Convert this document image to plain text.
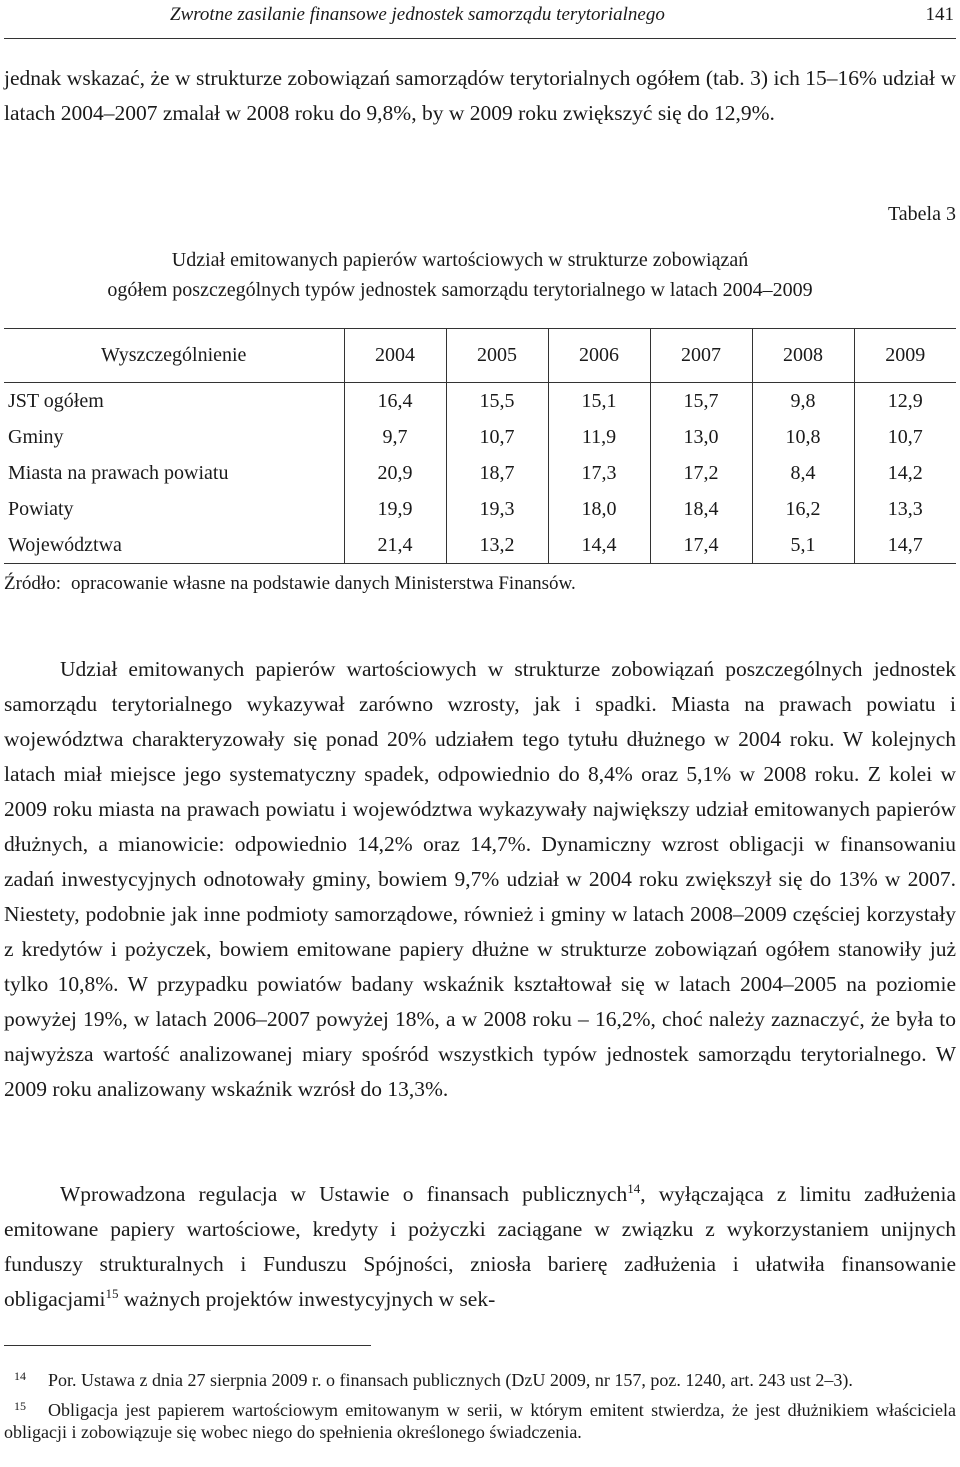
Zwrotne zasilanie finansowe jednostek samorządu terytorialnego	141

jednak wskazać, że w strukturze zobowiązań samorządów terytorialnych ogółem (tab. 3) ich 15–16% udział w latach 2004–2007 zmalał w 2008 roku do 9,8%, by w 2009 roku zwiększyć się do 12,9%.

Tabela 3
Udział emitowanych papierów wartościowych w strukturze zobowiązań
ogółem poszczególnych typów jednostek samorządu terytorialnego w latach 2004–2009
Wyszczególnienie	2004	2005	2006	2007	2008	2009
JST ogółem	16,4	15,5	15,1	15,7	9,8	12,9
Gminy	9,7	10,7	11,9	13,0	10,8	10,7
Miasta na prawach powiatu	20,9	18,7	17,3	17,2	8,4	14,2
Powiaty	19,9	19,3	18,0	18,4	16,2	13,3
Województwa	21,4	13,2	14,4	17,4	5,1	14,7
Źródło: opracowanie własne na podstawie danych Ministerstwa Finansów.

Udział emitowanych papierów wartościowych w strukturze zobowiązań poszczególnych jednostek samorządu terytorialnego wykazywał zarówno wzrosty, jak i spadki. Miasta na prawach powiatu i województwa charakteryzowały się ponad 20% udziałem tego tytułu dłużnego w 2004 roku. W kolejnych latach miał miejsce jego systematyczny spadek, odpowiednio do 8,4% oraz 5,1% w 2008 roku. Z kolei w 2009 roku miasta na prawach powiatu i województwa wykazywały największy udział emitowanych papierów dłużnych, a mianowicie: odpowiednio 14,2% oraz 14,7%. Dynamiczny wzrost obligacji w finansowaniu zadań inwestycyjnych odnotowały gminy, bowiem 9,7% udział w 2004 roku zwiększył się do 13% w 2007. Niestety, podobnie jak inne podmioty samorządowe, również i gminy w latach 2008–2009 częściej korzystały z kredytów i pożyczek, bowiem emitowane papiery dłużne w strukturze zobowiązań ogółem stanowiły już tylko 10,8%. W przypadku powiatów badany wskaźnik kształtował się w latach 2004–2005 na poziomie powyżej 19%, w latach 2006–2007 powyżej 18%, a w 2008 roku – 16,2%, choć należy zaznaczyć, że była to najwyższa wartość analizowanej miary spośród wszystkich typów jednostek samorządu terytorialnego. W 2009 roku analizowany wskaźnik wzrósł do 13,3%.

Wprowadzona regulacja w Ustawie o finansach publicznych$^{14}$, wyłączająca z limitu zadłużenia emitowane papiery wartościowe, kredyty i pożyczki zaciągane w związku z wykorzystaniem unijnych funduszy strukturalnych i Funduszu Spójności, zniosła barierę zadłużenia i ułatwiła finansowanie obligacjami$^{15}$ ważnych projektów inwestycyjnych w sek-

$^{14}$ Por. Ustawa z dnia 27 sierpnia 2009 r. o finansach publicznych (DzU 2009, nr 157, poz. 1240, art. 243 ust 2–3).

$^{15}$ Obligacja jest papierem wartościowym emitowanym w serii, w którym emitent stwierdza, że jest dłużnikiem właściciela obligacji i zobowiązuje się wobec niego do spełnienia określonego świadczenia.
